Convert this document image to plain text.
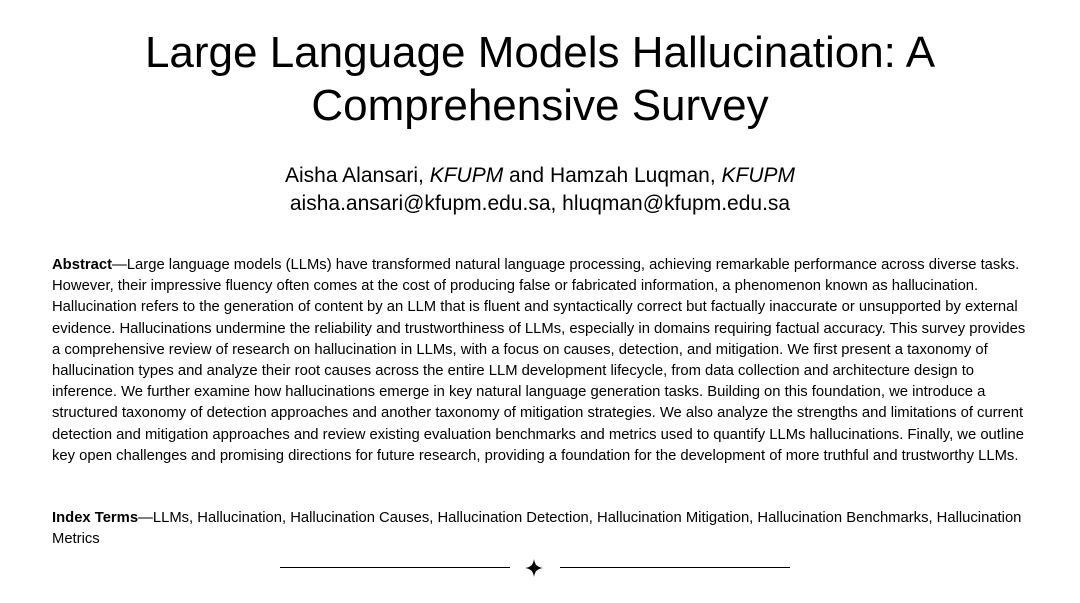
Large Language Models Hallucination: A
Comprehensive Survey
Aisha Alansari, KFUPM and Hamzah Luqman, KFUPM
aisha.ansari@kfupm.edu.sa, hluqman@kfupm.edu.sa
Abstract—Large language models (LLMs) have transformed natural language processing, achieving remarkable performance across diverse tasks. However, their impressive fluency often comes at the cost of producing false or fabricated information, a phenomenon known as hallucination. Hallucination refers to the generation of content by an LLM that is fluent and syntactically correct but factually inaccurate or unsupported by external evidence. Hallucinations undermine the reliability and trustworthiness of LLMs, especially in domains requiring factual accuracy. This survey provides a comprehensive review of research on hallucination in LLMs, with a focus on causes, detection, and mitigation. We first present a taxonomy of hallucination types and analyze their root causes across the entire LLM development lifecycle, from data collection and architecture design to inference. We further examine how hallucinations emerge in key natural language generation tasks. Building on this foundation, we introduce a structured taxonomy of detection approaches and another taxonomy of mitigation strategies. We also analyze the strengths and limitations of current detection and mitigation approaches and review existing evaluation benchmarks and metrics used to quantify LLMs hallucinations. Finally, we outline key open challenges and promising directions for future research, providing a foundation for the development of more truthful and trustworthy LLMs.
Index Terms—LLMs, Hallucination, Hallucination Causes, Hallucination Detection, Hallucination Mitigation, Hallucination Benchmarks, Hallucination Metrics
